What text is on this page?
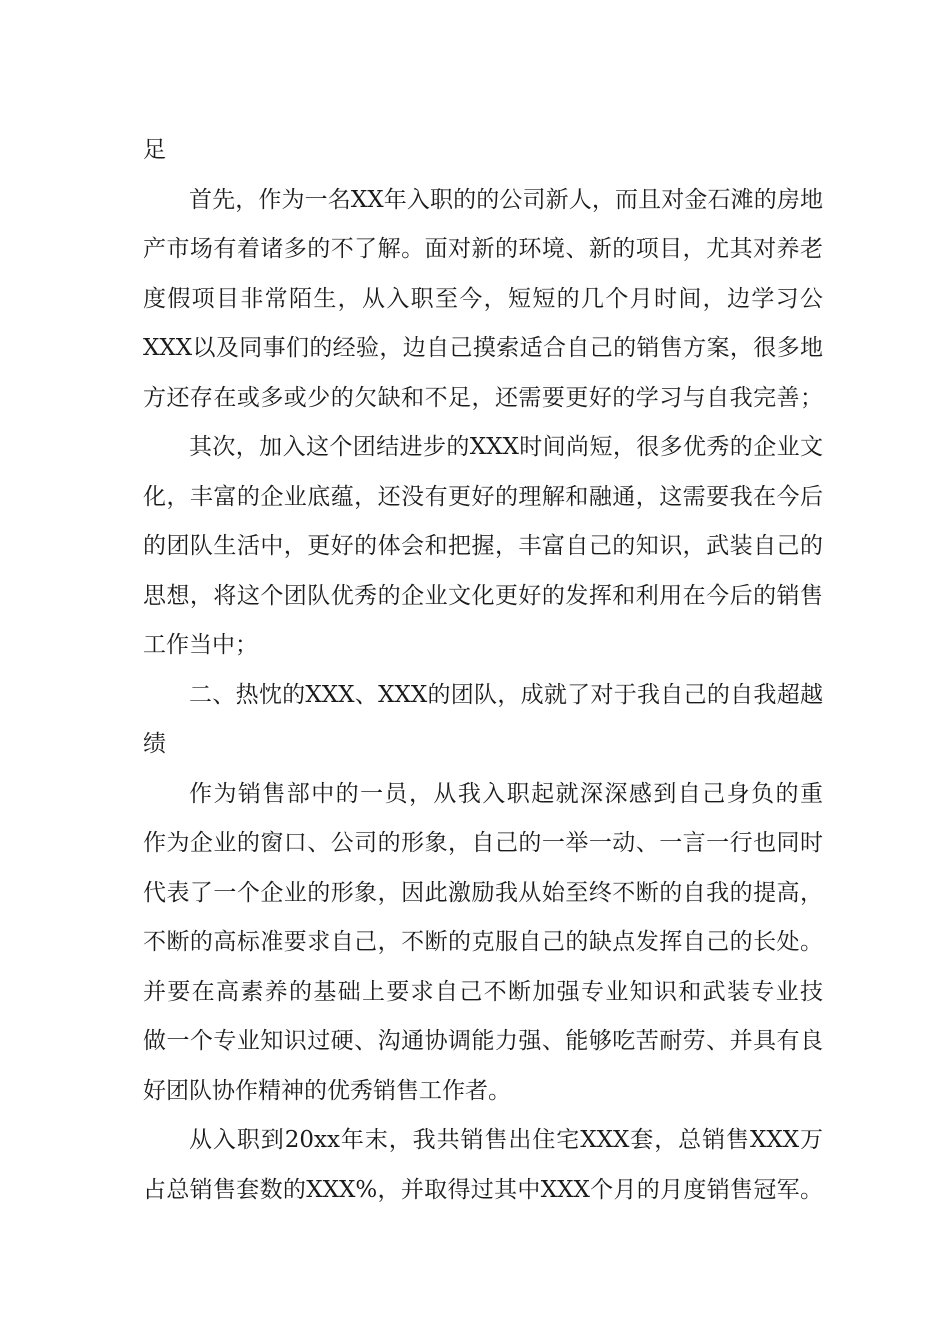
足
首先，作为一名XX年入职的的公司新人，而且对金石滩的房地
产市场有着诸多的不了解。面对新的环境、新的项目，尤其对养老
度假项目非常陌生，从入职至今，短短的几个月时间，边学习公
XXX以及同事们的经验，边自己摸索适合自己的销售方案，很多地
方还存在或多或少的欠缺和不足，还需要更好的学习与自我完善；
其次，加入这个团结进步的XXX时间尚短，很多优秀的企业文
化，丰富的企业底蕴，还没有更好的理解和融通，这需要我在今后
的团队生活中，更好的体会和把握，丰富自己的知识，武装自己的
思想，将这个团队优秀的企业文化更好的发挥和利用在今后的销售
工作当中；
二、热忱的XXX、XXX的团队，成就了对于我自己的自我超越
绩
作为销售部中的一员，从我入职起就深深感到自己身负的重
作为企业的窗口、公司的形象，自己的一举一动、一言一行也同时
代表了一个企业的形象，因此激励我从始至终不断的自我的提高，
不断的高标准要求自己，不断的克服自己的缺点发挥自己的长处。
并要在高素养的基础上要求自己不断加强专业知识和武装专业技
做一个专业知识过硬、沟通协调能力强、能够吃苦耐劳、并具有良
好团队协作精神的优秀销售工作者。
从入职到20xx年末，我共销售出住宅XXX套，总销售XXX万
占总销售套数的XXX%，并取得过其中XXX个月的月度销售冠军。
